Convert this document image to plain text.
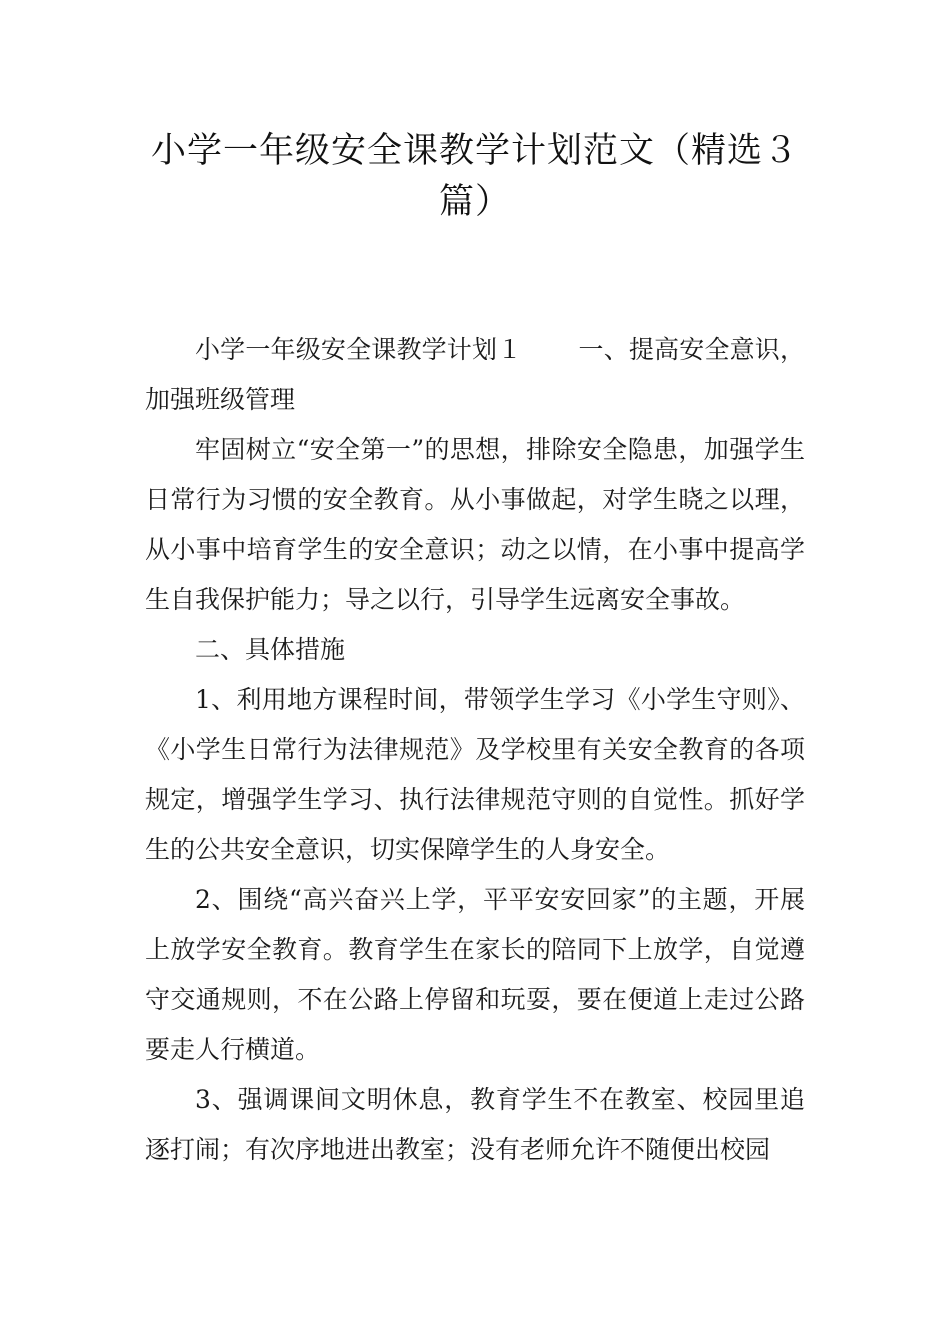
小学一年级安全课教学计划范文（精选３
篇）

小学一年级安全课教学计划１ 一、提高安全意识，加强班级管理

牢固树立“安全第一”的思想，排除安全隐患，加强学生日常行为习惯的安全教育。从小事做起，对学生晓之以理，从小事中培育学生的安全意识；动之以情，在小事中提高学生自我保护能力；导之以行，引导学生远离安全事故。

二、具体措施

1、利用地方课程时间，带领学生学习《小学生守则》、《小学生日常行为法律规范》及学校里有关安全教育的各项规定，增强学生学习、执行法律规范守则的自觉性。抓好学生的公共安全意识，切实保障学生的人身安全。

2、围绕“高兴奋兴上学，平平安安回家”的主题，开展上放学安全教育。教育学生在家长的陪同下上放学，自觉遵守交通规则，不在公路上停留和玩耍，要在便道上走过公路要走人行横道。

3、强调课间文明休息，教育学生不在教室、校园里追逐打闹；有次序地进出教室；没有老师允许不随便出校园
